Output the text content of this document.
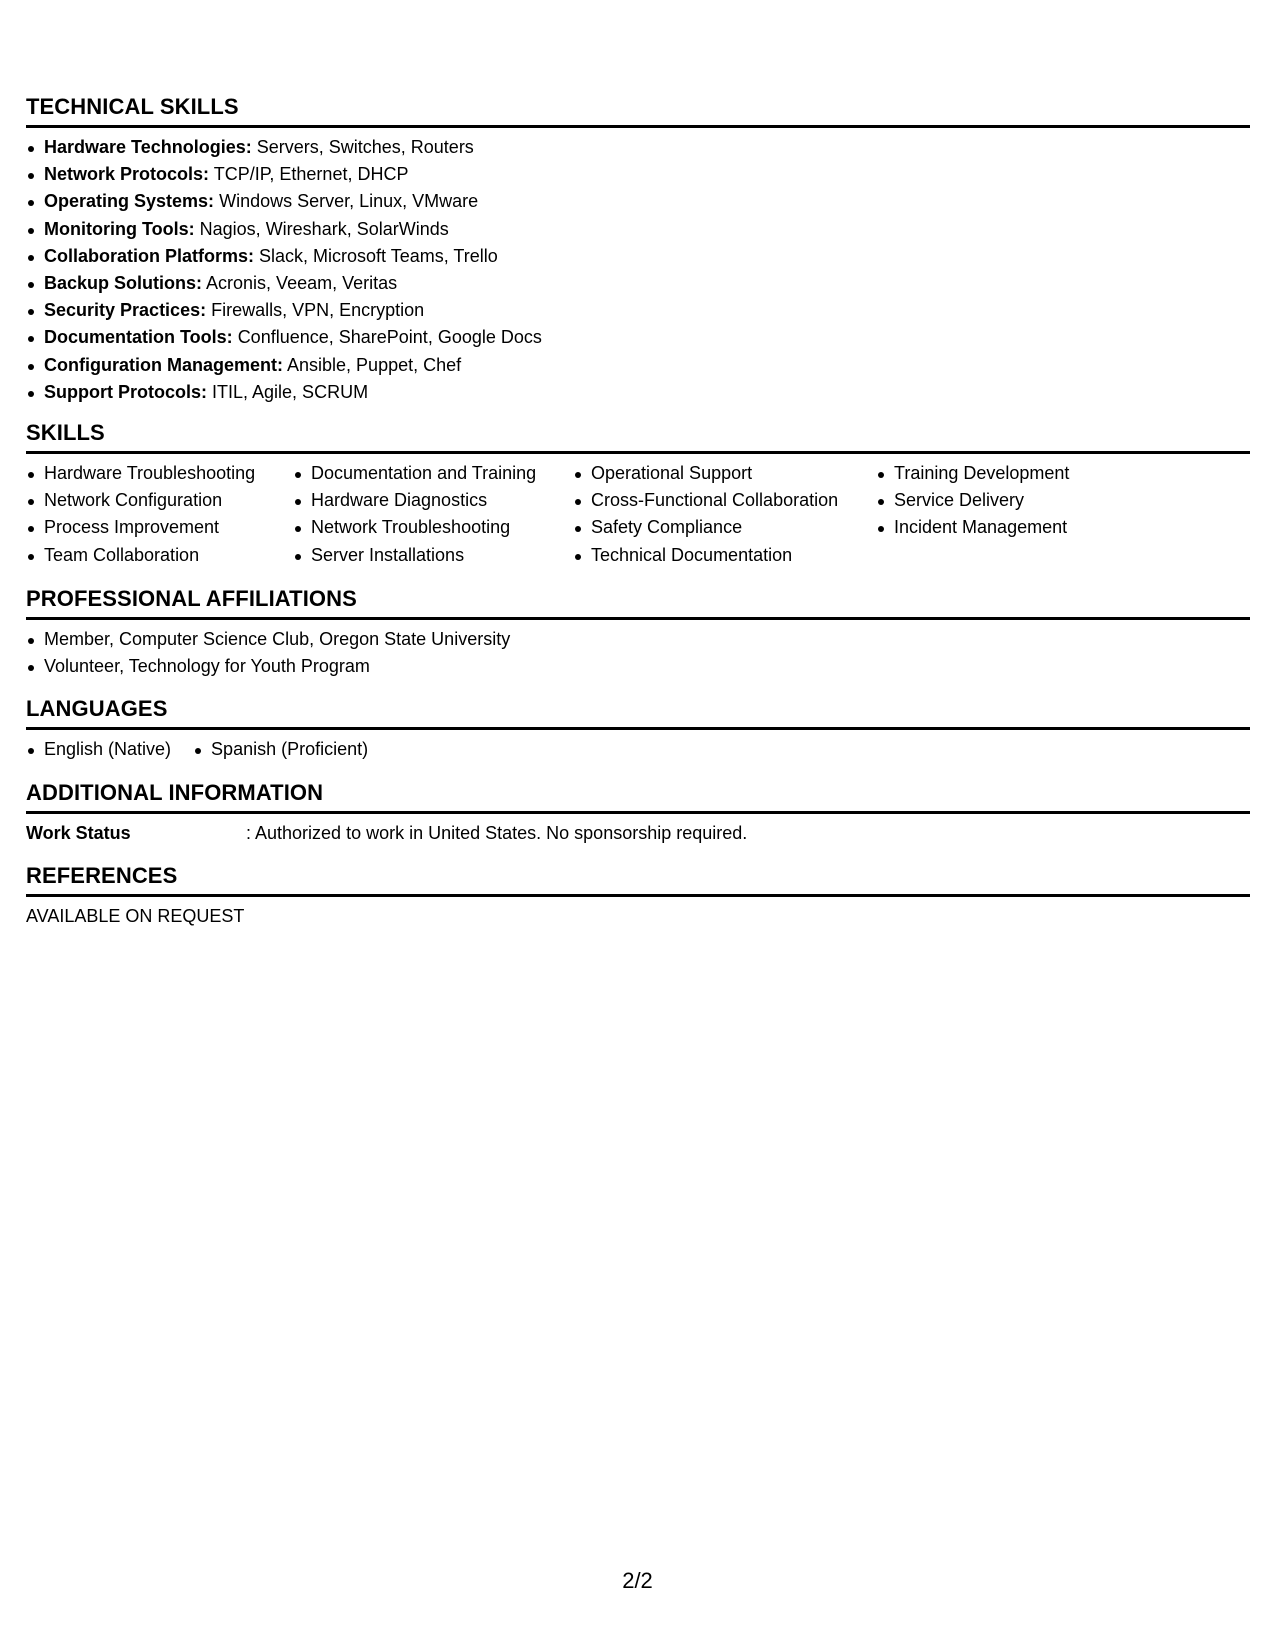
TECHNICAL SKILLS
Hardware Technologies: Servers, Switches, Routers
Network Protocols: TCP/IP, Ethernet, DHCP
Operating Systems: Windows Server, Linux, VMware
Monitoring Tools: Nagios, Wireshark, SolarWinds
Collaboration Platforms: Slack, Microsoft Teams, Trello
Backup Solutions: Acronis, Veeam, Veritas
Security Practices: Firewalls, VPN, Encryption
Documentation Tools: Confluence, SharePoint, Google Docs
Configuration Management: Ansible, Puppet, Chef
Support Protocols: ITIL, Agile, SCRUM
SKILLS
Hardware Troubleshooting
Network Configuration
Process Improvement
Team Collaboration
Documentation and Training
Hardware Diagnostics
Network Troubleshooting
Server Installations
Operational Support
Cross-Functional Collaboration
Safety Compliance
Technical Documentation
Training Development
Service Delivery
Incident Management
PROFESSIONAL AFFILIATIONS
Member, Computer Science Club, Oregon State University
Volunteer, Technology for Youth Program
LANGUAGES
English (Native)	Spanish (Proficient)
ADDITIONAL INFORMATION
Work Status	: Authorized to work in United States. No sponsorship required.
REFERENCES
AVAILABLE ON REQUEST
2/2
